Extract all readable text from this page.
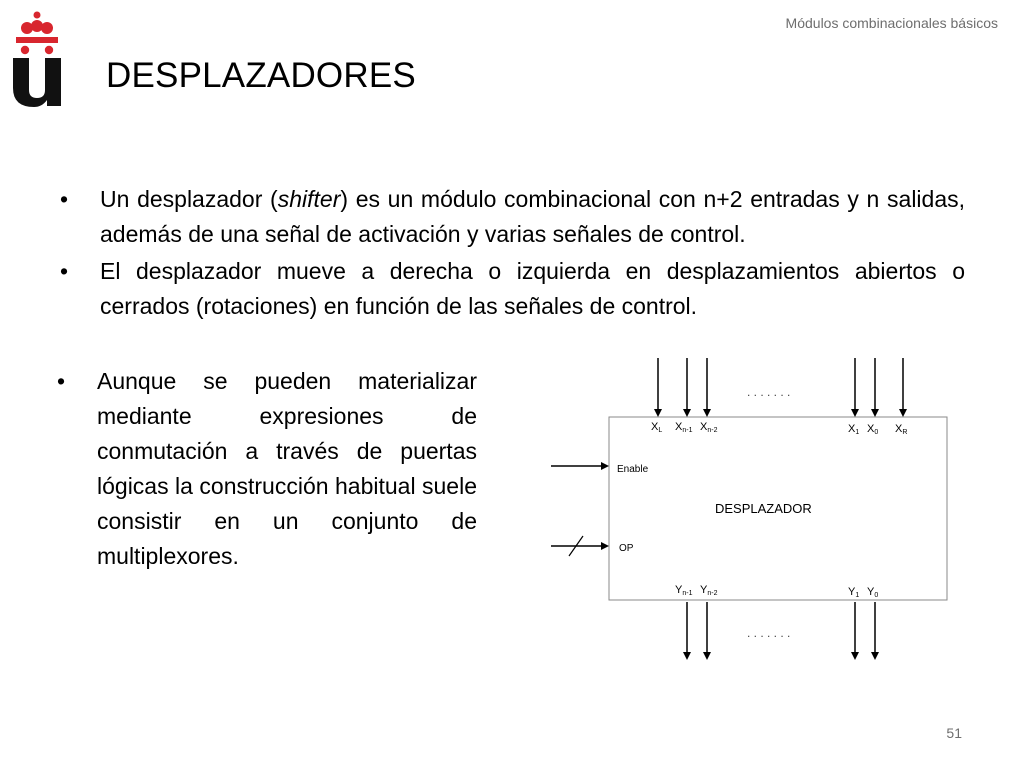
Módulos combinacionales básicos
DESPLAZADORES
• Un desplazador (shifter) es un módulo combinacional con n+2 entradas y n salidas, además de una señal de activación y varias señales de control.
• El desplazador mueve a derecha o izquierda en desplazamientos abiertos o cerrados (rotaciones) en función de las señales de control.
• Aunque se pueden materializar mediante expresiones de conmutación a través de puertas lógicas la construcción habitual suele consistir en un conjunto de multiplexores.
. . . . . . .
XL Xn-1 Xn-2	X1 X0 XR
Enable
OP
DESPLAZADOR
Yn-1 Yn-2	Y1 Y0
. . . . . . .
51
